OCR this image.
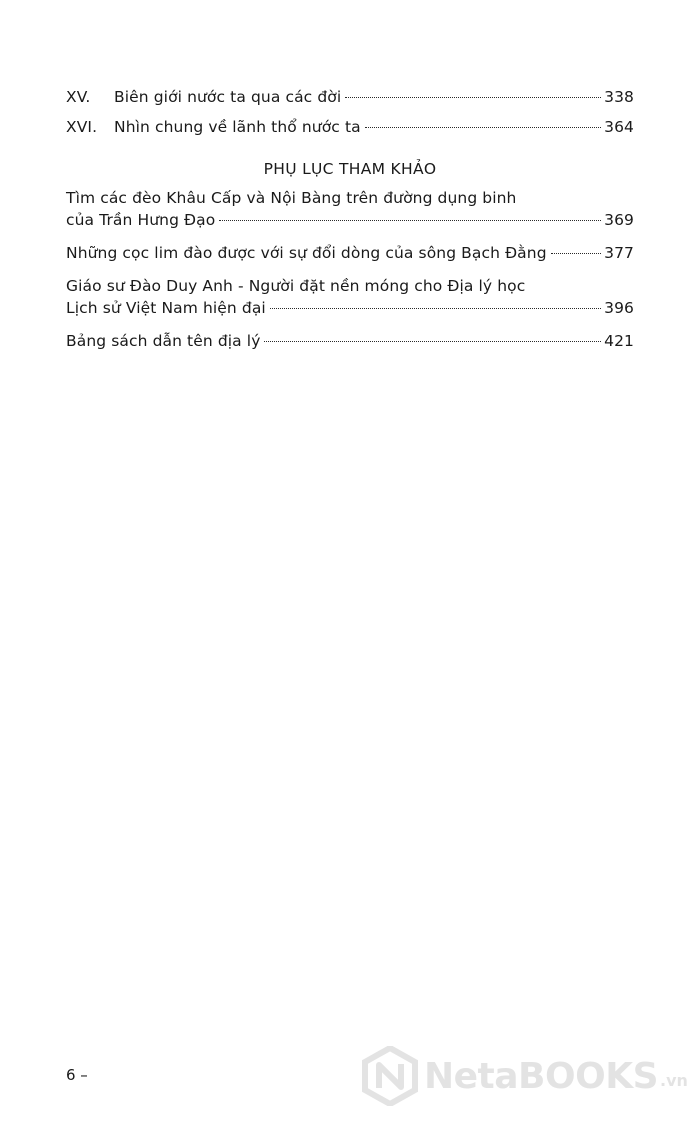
XV.	Biên giới nước ta qua các đời	338
XVI.	Nhìn chung về lãnh thổ nước ta	364
PHỤ LỤC THAM KHẢO
Tìm các đèo Khâu Cấp và Nội Bàng trên đường dụng binh
của Trần Hưng Đạo	369
Những cọc lim đào được với sự đổi dòng của sông Bạch Đằng	377
Giáo sư Đào Duy Anh - Người đặt nền móng cho Địa lý học
Lịch sử Việt Nam hiện đại	396
Bảng sách dẫn tên địa lý	421
6 –	NetaBOOKS .vn
